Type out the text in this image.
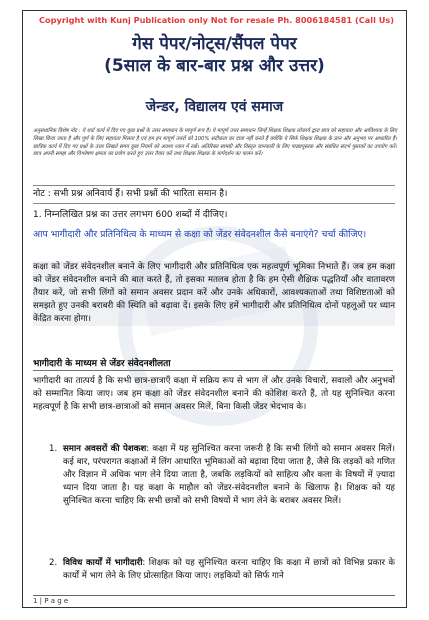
Copyright with Kunj Publication only Not for resale Ph. 8006184581 (Call Us)
गेस पेपर/नोट्स/सैंपल पेपर
(5साल के बार-बार प्रश्न और उत्तर)
जेन्डर, विद्यालय एवं समाज
अनुसंधानिक विशेष नोट : ये शार्ट कार्य में दिए गए कुछ प्रश्नों के उत्तर समाधान के मापूर्ण रूप है। ये मापूर्ण उत्तर समाधान जिन्हें शिक्षक शिक्षक लोकार्य द्वारा छात्र को सहायता और आविश्यक के लिए लिखा किया जाता है और पूर्ण के लिए सहायता मिलता है एवं हम इन मापूर्ण उत्तरों को 100% सटीकता का दावा नहीं करते हैं क्योंकि ये सिर्फ शिक्षक शिक्षक के ज्ञान और अनुभव पर आधारित हैं। छात्रिक कार्य में दिए गए प्रश्नों के उत्तर लिखते समय कुछ नियमों को अवश्य ध्यान में रखें। अतिरिक्त सामग्री और विस्तृत जानकारी के लिए पाठ्यपुस्तक और संबंधित संदर्भ पुस्तकों का उपयोग करें। छात्र अपनी समझ और विश्लेषण क्षमता का प्रयोग करते हुए उत्तर तैयार करें तथा शिक्षक शिक्षक के मार्गदर्शन का पालन करें।
नोट : सभी प्रश्न अनिवार्य हैं। सभी प्रश्नों की भारिता समान है।
1. निम्नलिखित प्रश्न का उत्तर लगभग 600 शब्दों में दीजिए।
आप भागीदारी और प्रतिनिधित्व के माध्यम से कक्षा को जेंडर संवेदनशील कैसे बनाएंगे? चर्चा कीजिए।
कक्षा को जेंडर संवेदनशील बनाने के लिए भागीदारी और प्रतिनिधित्व एक महत्वपूर्ण भूमिका निभाते हैं। जब हम कक्षा को जेंडर संवेदनशील बनाने की बात करते हैं, तो इसका मतलब होता है कि हम ऐसी शैक्षिक पद्धतियाँ और वातावरण तैयार करें, जो सभी लिंगों को समान अवसर प्रदान करें और उनके अधिकारों, आवश्यकताओं तथा विशिष्टताओं को समझते हुए उनकी बराबरी की स्थिति को बढ़ावा दें। इसके लिए हमें भागीदारी और प्रतिनिधित्व दोनों पहलुओं पर ध्यान केंद्रित करना होगा।
भागीदारी के माध्यम से जेंडर संवेदनशीलता
भागीदारी का तात्पर्य है कि सभी छात्र-छात्राएँ कक्षा में सक्रिय रूप से भाग लें और उनके विचारों, सवालों और अनुभवों को सम्मानित किया जाए। जब हम कक्षा को जेंडर संवेदनशील बनाने की कोशिश करते हैं, तो यह सुनिश्चित करना महत्वपूर्ण है कि सभी छात्र-छात्राओं को समान अवसर मिलें, बिना किसी जेंडर भेदभाव के।
1. समान अवसरों की पेशकश: कक्षा में यह सुनिश्चित करना जरूरी है कि सभी लिंगों को समान अवसर मिलें। कई बार, परंपरागत कक्षाओं में लिंग आधारित भूमिकाओं को बढ़ावा दिया जाता है, जैसे कि लड़कों को गणित और विज्ञान में अधिक भाग लेने दिया जाता है, जबकि लड़कियों को साहित्य और कला के विषयों में ज़्यादा ध्यान दिया जाता है। यह कक्षा के माहौल को जेंडर-संवेदनशील बनाने के खिलाफ है। शिक्षक को यह सुनिश्चित करना चाहिए कि सभी छात्रों को सभी विषयों में भाग लेने के बराबर अवसर मिलें।
2. विविध कार्यों में भागीदारी: शिक्षक को यह सुनिश्चित करना चाहिए कि कक्षा में छात्रों को विभिन्न प्रकार के कार्यों में भाग लेने के लिए प्रोत्साहित किया जाए। लड़कियों को सिर्फ गाने
1 | P a g e
